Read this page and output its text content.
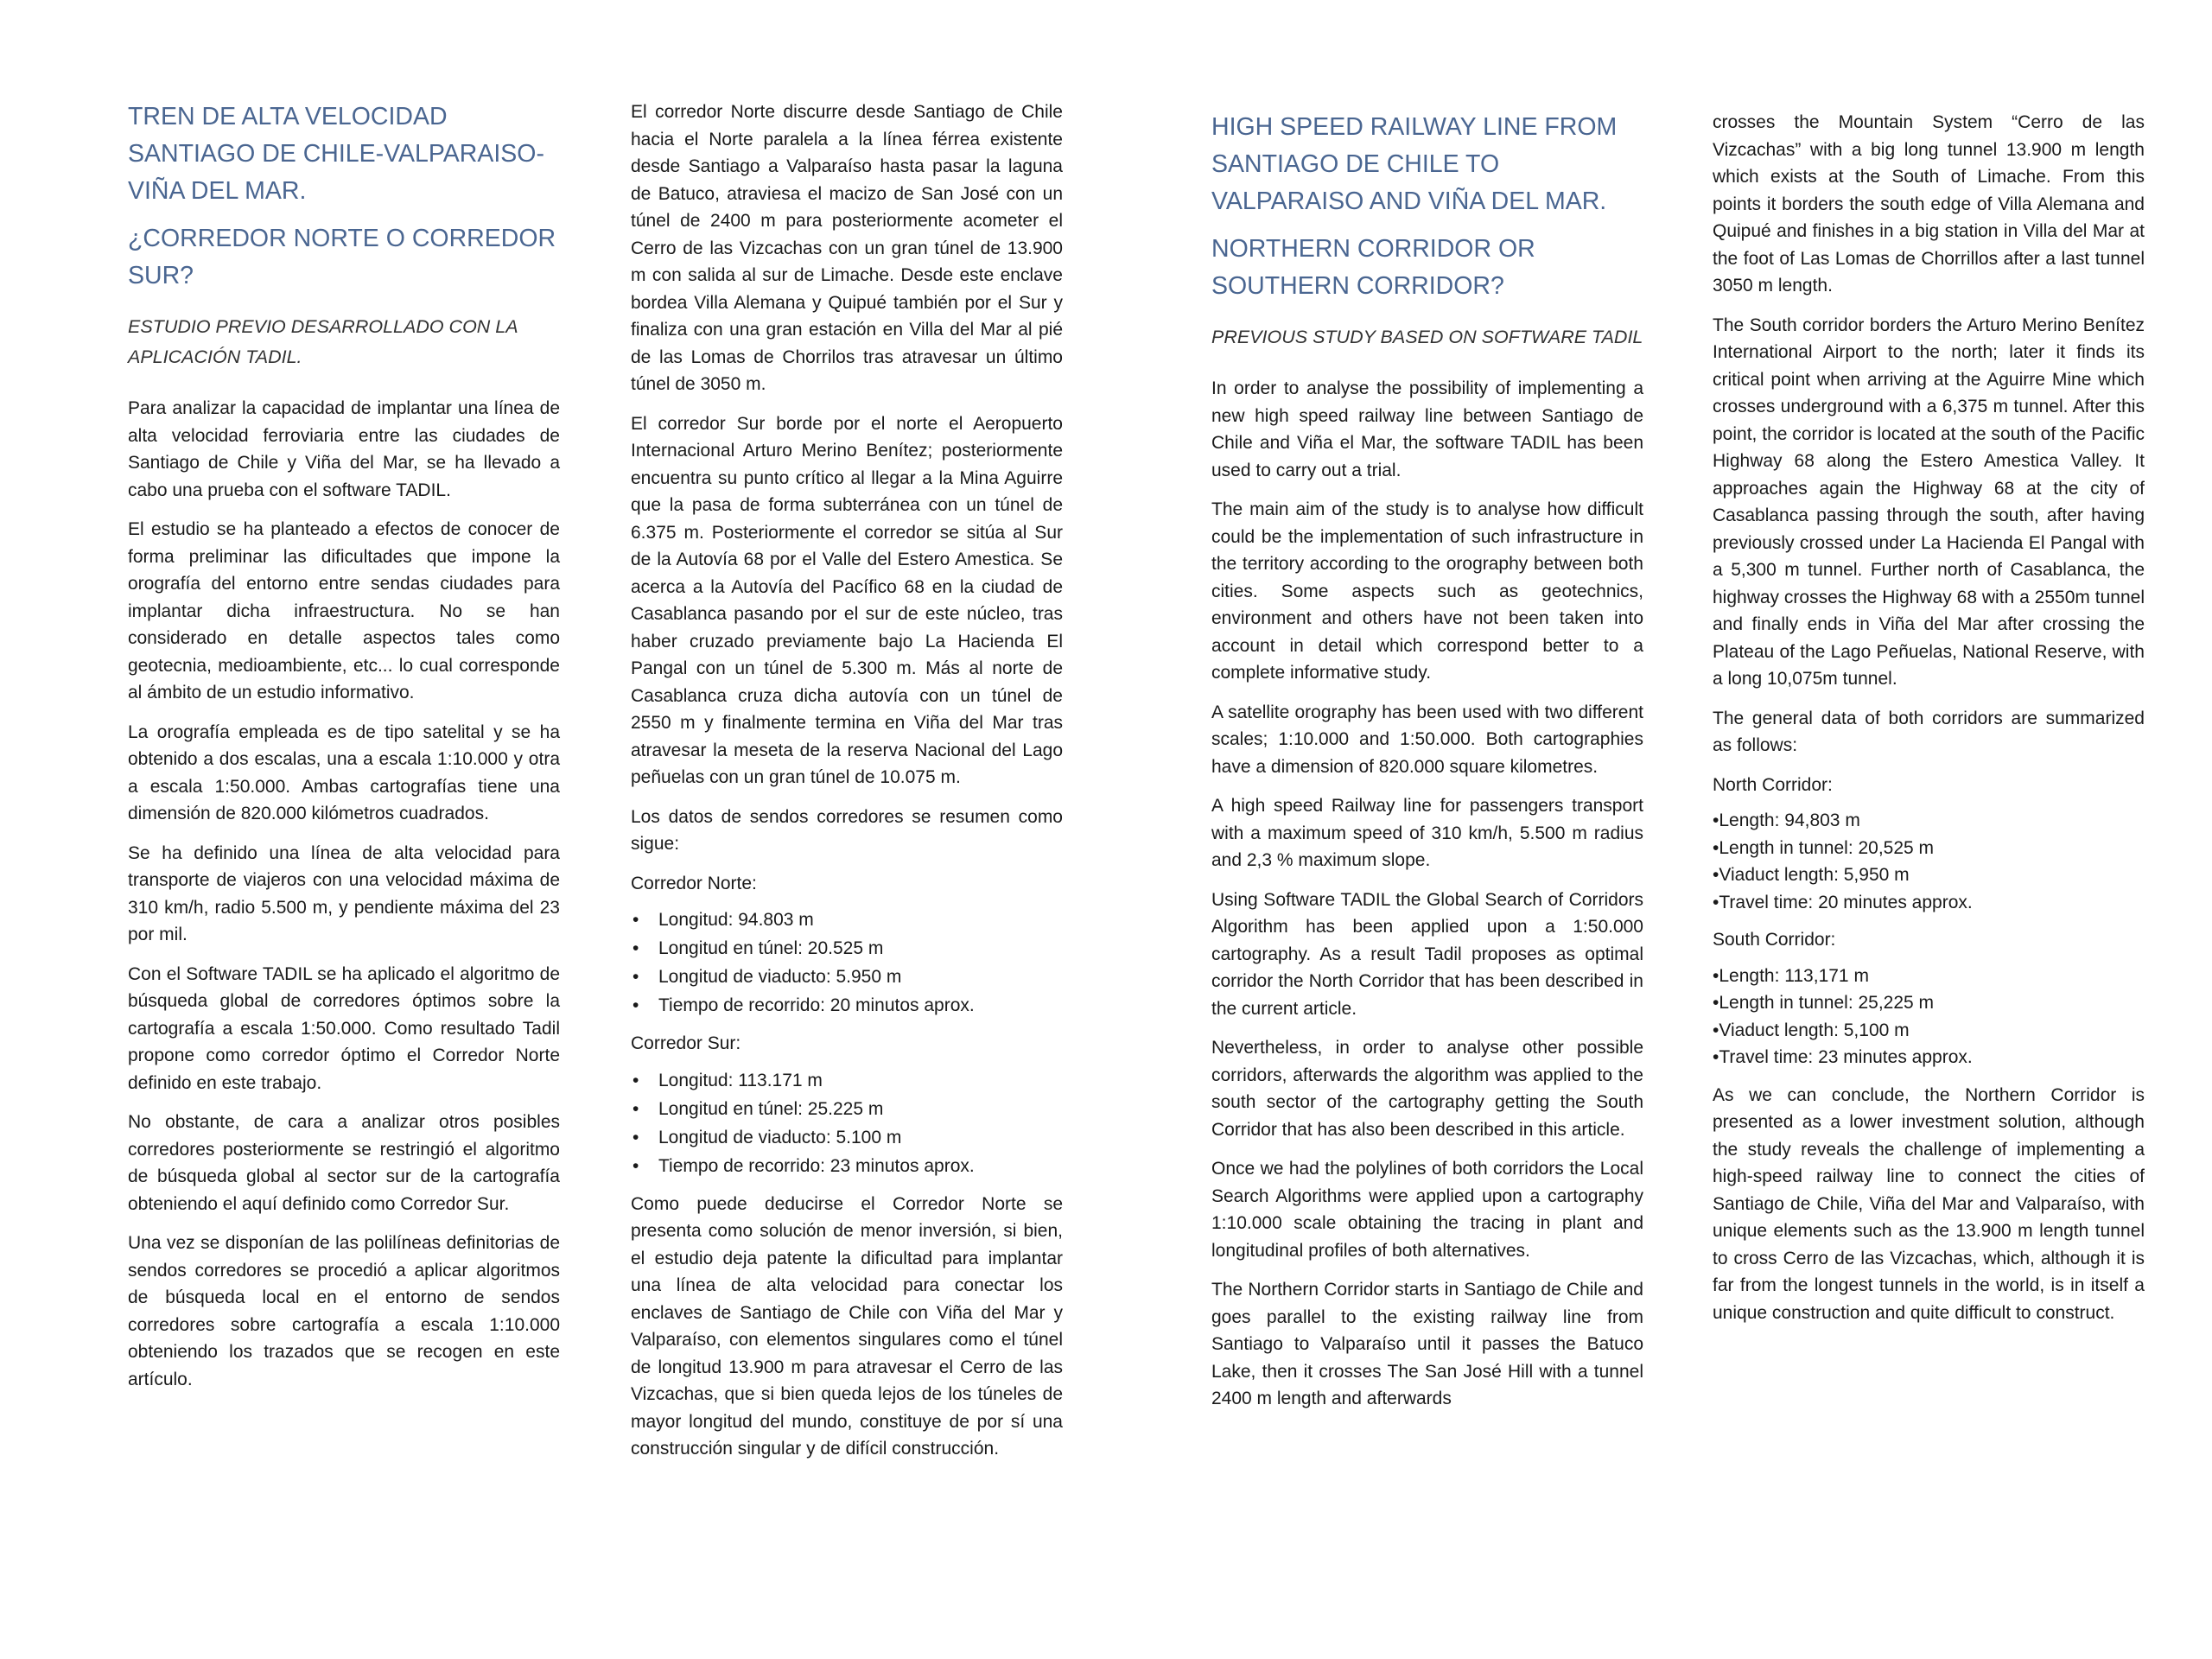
TREN DE ALTA VELOCIDAD SANTIAGO DE CHILE-VALPARAISO-VIÑA DEL MAR.
¿CORREDOR NORTE O CORREDOR SUR?
ESTUDIO PREVIO DESARROLLADO CON LA APLICACIÓN TADIL.

Para analizar la capacidad de implantar una línea de alta velocidad ferroviaria entre las ciudades de Santiago de Chile y Viña del Mar, se ha llevado a cabo una prueba con el software TADIL.

El estudio se ha planteado a efectos de conocer de forma preliminar las dificultades que impone la orografía del entorno entre sendas ciudades para implantar dicha infraestructura. No se han considerado en detalle aspectos tales como geotecnia, medioambiente, etc... lo cual corresponde al ámbito de un estudio informativo.

La orografía empleada es de tipo satelital y se ha obtenido a dos escalas, una a escala 1:10.000 y otra a escala 1:50.000. Ambas cartografías tiene una dimensión de 820.000 kilómetros cuadrados.

Se ha definido una línea de alta velocidad para transporte de viajeros con una velocidad máxima de 310 km/h, radio 5.500 m, y pendiente máxima del 23 por mil.

Con el Software TADIL se ha aplicado el algoritmo de búsqueda global de corredores óptimos sobre la cartografía a escala 1:50.000. Como resultado Tadil propone como corredor óptimo el Corredor Norte definido en este trabajo.

No obstante, de cara a analizar otros posibles corredores posteriormente se restringió el algoritmo de búsqueda global al sector sur de la cartografía obteniendo el aquí definido como Corredor Sur.

Una vez se disponían de las polilíneas definitorias de sendos corredores se procedió a aplicar algoritmos de búsqueda local en el entorno de sendos corredores sobre cartografía a escala 1:10.000 obteniendo los trazados que se recogen en este artículo.

El corredor Norte discurre desde Santiago de Chile hacia el Norte paralela a la línea férrea existente desde Santiago a Valparaíso hasta pasar la laguna de Batuco, atraviesa el macizo de San José con un túnel de 2400 m para posteriormente acometer el Cerro de las Vizcachas con un gran túnel de 13.900 m con salida al sur de Limache. Desde este enclave bordea Villa Alemana y Quipué también por el Sur y finaliza con una gran estación en Villa del Mar al pié de las Lomas de Chorrilos tras atravesar un último túnel de 3050 m.

El corredor Sur borde por el norte el Aeropuerto Internacional Arturo Merino Benítez; posteriormente encuentra su punto crítico al llegar a la Mina Aguirre que la pasa de forma subterránea con un túnel de 6.375 m. Posteriormente el corredor se sitúa al Sur de la Autovía 68 por el Valle del Estero Amestica. Se acerca a la Autovía del Pacífico 68 en la ciudad de Casablanca pasando por el sur de este núcleo, tras haber cruzado previamente bajo La Hacienda El Pangal con un túnel de 5.300 m. Más al norte de Casablanca cruza dicha autovía con un túnel de 2550 m y finalmente termina en Viña del Mar tras atravesar la meseta de la reserva Nacional del Lago peñuelas con un gran túnel de 10.075 m.

Los datos de sendos corredores se resumen como sigue:

Corredor Norte:
• Longitud: 94.803 m
• Longitud en túnel: 20.525 m
• Longitud de viaducto: 5.950 m
• Tiempo de recorrido: 20 minutos aprox.
Corredor Sur:
• Longitud: 113.171 m
• Longitud en túnel: 25.225 m
• Longitud de viaducto: 5.100 m
• Tiempo de recorrido: 23 minutos aprox.

Como puede deducirse el Corredor Norte se presenta como solución de menor inversión, si bien, el estudio deja patente la dificultad para implantar una línea de alta velocidad para conectar los enclaves de Santiago de Chile con Viña del Mar y Valparaíso, con elementos singulares como el túnel de longitud 13.900 m para atravesar el Cerro de las Vizcachas, que si bien queda lejos de los túneles de mayor longitud del mundo, constituye de por sí una construcción singular y de difícil construcción.

HIGH SPEED RAILWAY LINE FROM SANTIAGO DE CHILE TO VALPARAISO AND VIÑA DEL MAR.
NORTHERN CORRIDOR OR SOUTHERN CORRIDOR?
PREVIOUS STUDY BASED ON SOFTWARE TADIL

In order to analyse the possibility of implementing a new high speed railway line between Santiago de Chile and Viña el Mar, the software TADIL has been used to carry out a trial.

The main aim of the study is to analyse how difficult could be the implementation of such infrastructure in the territory according to the orography between both cities. Some aspects such as geotechnics, environment and others have not been taken into account in detail which correspond better to a complete informative study.

A satellite orography has been used with two different scales; 1:10.000 and 1:50.000. Both cartographies have a dimension of 820.000 square kilometres.

A high speed Railway line for passengers transport with a maximum speed of 310 km/h, 5.500 m radius and 2,3 % maximum slope.

Using Software TADIL the Global Search of Corridors Algorithm has been applied upon a 1:50.000 cartography. As a result Tadil proposes as optimal corridor the North Corridor that has been described in the current article.

Nevertheless, in order to analyse other possible corridors, afterwards the algorithm was applied to the south sector of the cartography getting the South Corridor that has also been described in this article.

Once we had the polylines of both corridors the Local Search Algorithms were applied upon a cartography 1:10.000 scale obtaining the tracing in plant and longitudinal profiles of both alternatives.

The Northern Corridor starts in Santiago de Chile and goes parallel to the existing railway line from Santiago to Valparaíso until it passes the Batuco Lake, then it crosses The San José Hill with a tunnel 2400 m length and afterwards

crosses the Mountain System “Cerro de las Vizcachas” with a big long tunnel 13.900 m length which exists at the South of Limache. From this points it borders the south edge of Villa Alemana and Quipué and finishes in a big station in Villa del Mar at the foot of Las Lomas de Chorrillos after a last tunnel 3050 m length.

The South corridor borders the Arturo Merino Benítez International Airport to the north; later it finds its critical point when arriving at the Aguirre Mine which crosses underground with a 6,375 m tunnel. After this point, the corridor is located at the south of the Pacific Highway 68 along the Estero Amestica Valley. It approaches again the Highway 68 at the city of Casablanca passing through the south, after having previously crossed under La Hacienda El Pangal with a 5,300 m tunnel. Further north of Casablanca, the highway crosses the Highway 68 with a 2550m tunnel and finally ends in Viña del Mar after crossing the Plateau of the Lago Peñuelas, National Reserve, with a long 10,075m tunnel.

The general data of both corridors are summarized as follows:

North Corridor:
• Length: 94,803 m
• Length in tunnel: 20,525 m
• Viaduct length: 5,950 m
• Travel time: 20 minutes approx.
South Corridor:
• Length: 113,171 m
• Length in tunnel: 25,225 m
• Viaduct length: 5,100 m
• Travel time: 23 minutes approx.

As we can conclude, the Northern Corridor is presented as a lower investment solution, although the study reveals the challenge of implementing a high-speed railway line to connect the cities of Santiago de Chile, Viña del Mar and Valparaíso, with unique elements such as the 13.900 m length tunnel to cross Cerro de las Vizcachas, which, although it is far from the longest tunnels in the world, is in itself a unique construction and quite difficult to construct.
